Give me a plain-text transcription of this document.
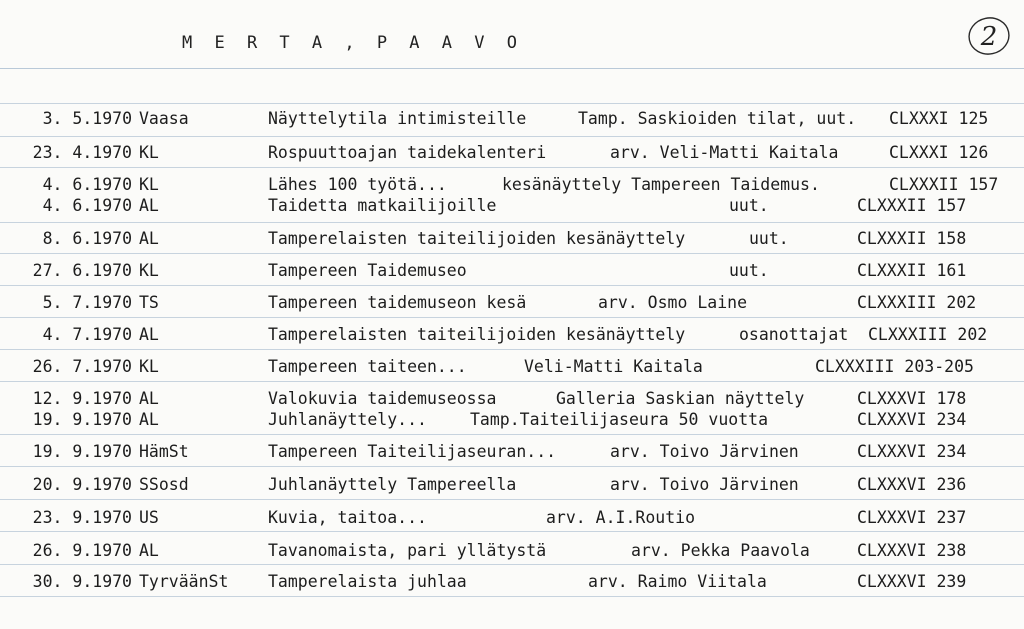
M E R T A , P A A V O	2
3. 5.1970 Vaasa	Näyttelytila intimisteille	Tamp. Saskioiden tilat, uut. CLXXXI 125
23. 4.1970 KL	Rospuuttoajan taidekalenteri	arv. Veli-Matti Kaitala	CLXXXI 126
4. 6.1970 KL	Lähes 100 työtä...	kesänäyttely Tampereen Taidemus.	CLXXXII 157
4. 6.1970 AL	Taidetta matkailijoille	uut.	CLXXXII 157
8. 6.1970 AL	Tamperelaisten taiteilijoiden kesänäyttely	uut.	CLXXXII 158
27. 6.1970 KL	Tampereen Taidemuseo	uut.	CLXXXII 161
5. 7.1970 TS	Tampereen taidemuseon kesä	arv. Osmo Laine	CLXXXIII 202
4. 7.1970 AL	Tamperelaisten taiteilijoiden kesänäyttely	osanottajat CLXXXIII 202
26. 7.1970 KL	Tampereen taiteen...	Veli-Matti Kaitala	CLXXXIII 203-205
12. 9.1970 AL	Valokuvia taidemuseossa	Galleria Saskian näyttely	CLXXXVI 178
19. 9.1970 AL	Juhlanäyttely...	Tamp.Taiteilijaseura 50 vuotta	CLXXXVI 234
19. 9.1970 HämSt	Tampereen Taiteilijaseuran...	arv. Toivo Järvinen	CLXXXVI 234
20. 9.1970 SSosd	Juhlanäyttely Tampereella	arv. Toivo Järvinen	CLXXXVI 236
23. 9.1970 US	Kuvia, taitoa...	arv. A.I.Routio	CLXXXVI 237
26. 9.1970 AL	Tavanomaista, pari yllätystä	arv. Pekka Paavola	CLXXXVI 238
30. 9.1970 TyrväänSt Tamperelaista juhlaa	arv. Raimo Viitala	CLXXXVI 239
